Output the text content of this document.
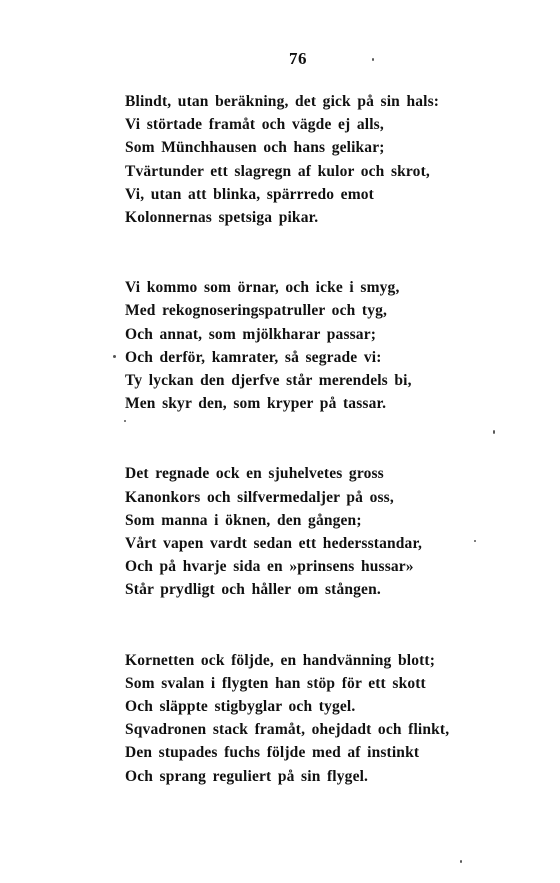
76
Blindt, utan beräkning, det gick på sin hals:
Vi störtade framåt och vägde ej alls,
Som Münchhausen och hans gelikar;
Tvärtunder ett slagregn af kulor och skrot,
Vi, utan att blinka, spärrredo emot
Kolonnernas spetsiga pikar.
Vi kommo som örnar, och icke i smyg,
Med rekognoseringspatruller och tyg,
Och annat, som mjölkharar passar;
Och derför, kamrater, så segrade vi:
Ty lyckan den djerfve står merendels bi,
Men skyr den, som kryper på tassar.
Det regnade ock en sjuhelvetes gross
Kanonkors och silfvermedaljer på oss,
Som manna i öknen, den gången;
Vårt vapen vardt sedan ett hedersstandar,
Och på hvarje sida en »prinsens hussar»
Står prydligt och håller om stången.
Kornetten ock följde, en handvänning blott;
Som svalan i flygten han stöp för ett skott
Och släppte stigbyglar och tygel.
Sqvadronen stack framåt, ohejdadt och flinkt,
Den stupades fuchs följde med af instinkt
Och sprang reguliert på sin flygel.
